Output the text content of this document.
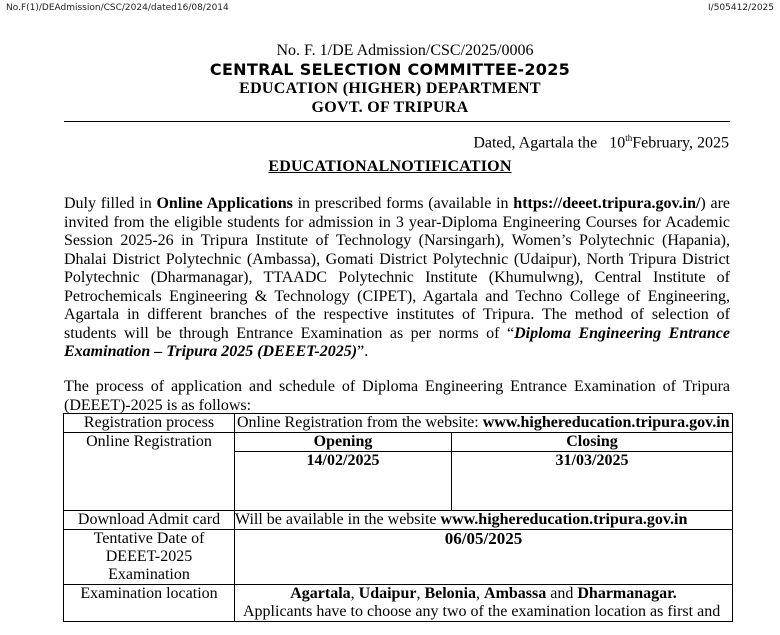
No.F(1)/DEAdmission/CSC/2024/dated16/08/2014	I/505412/2025
No. F. 1/DE Admission/CSC/2025/0006
CENTRAL SELECTION COMMITTEE-2025
EDUCATION (HIGHER) DEPARTMENT
GOVT. OF TRIPURA
Dated, Agartala the 10thFebruary, 2025
EDUCATIONALNOTIFICATION
Duly filled in Online Applications in prescribed forms (available in https://deeet.tripura.gov.in/) are invited from the eligible students for admission in 3 year-Diploma Engineering Courses for Academic Session 2025-26 in Tripura Institute of Technology (Narsingarh), Women’s Polytechnic (Hapania), Dhalai District Polytechnic (Ambassa), Gomati District Polytechnic (Udaipur), North Tripura District Polytechnic (Dharmanagar), TTAADC Polytechnic Institute (Khumulwng), Central Institute of Petrochemicals Engineering & Technology (CIPET), Agartala and Techno College of Engineering, Agartala in different branches of the respective institutes of Tripura. The method of selection of students will be through Entrance Examination as per norms of “Diploma Engineering Entrance Examination – Tripura 2025 (DEEET-2025)”.
The process of application and schedule of Diploma Engineering Entrance Examination of Tripura (DEEET)-2025 is as follows:
Registration process	Online Registration from the website: www.highereducation.tripura.gov.in	
Online Registration	Opening	Closing
	14/02/2025	31/03/2025
Download Admit card	Will be available in the website www.highereducation.tripura.gov.in	

Tentative Date of
DEEET-2025
Examination	06/05/2025	
Examination location	Agartala, Udaipur, Belonia, Ambassa and Dharmanagar.
Applicants have to choose any two of the examination location as first and	
